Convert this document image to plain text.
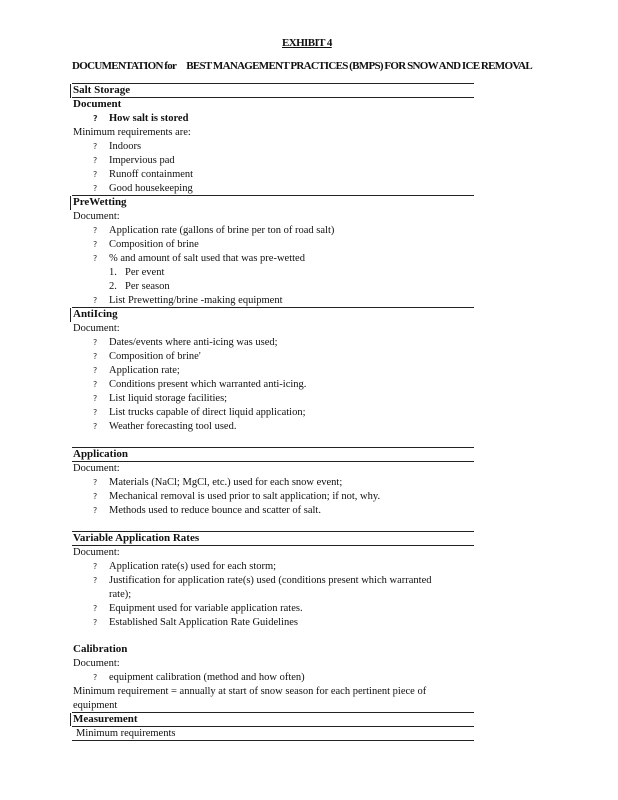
EXHIBIT 4
DOCUMENTATION for BEST MANAGEMENT PRACTICES (BMPS) FOR SNOW AND ICE REMOVAL
Salt Storage
Document
? How salt is stored
Minimum requirements are:
? Indoors
? Impervious pad
? Runoff containment
? Good housekeeping
PreWetting
Document:
? Application rate (gallons of brine per ton of road salt)
? Composition of brine
? % and amount of salt used that was pre-wetted
1. Per event
2. Per season
? List Prewetting/brine -making equipment
AntiIcing
Document:
? Dates/events where anti-icing was used;
? Composition of brine'
? Application rate;
? Conditions present which warranted anti-icing.
? List liquid storage facilities;
? List trucks capable of direct liquid application;
? Weather forecasting tool used.
Application
Document:
? Materials (NaCl; MgCl, etc.) used for each snow event;
? Mechanical removal is used prior to salt application; if not, why.
? Methods used to reduce bounce and scatter of salt.
Variable Application Rates
Document:
? Application rate(s) used for each storm;
? Justification for application rate(s) used (conditions present which warranted
rate);
? Equipment used for variable application rates.
? Established Salt Application Rate Guidelines
Calibration
Document:
? equipment calibration (method and how often)
Minimum requirement = annually at start of snow season for each pertinent piece of
equipment
Measurement
Minimum requirements
